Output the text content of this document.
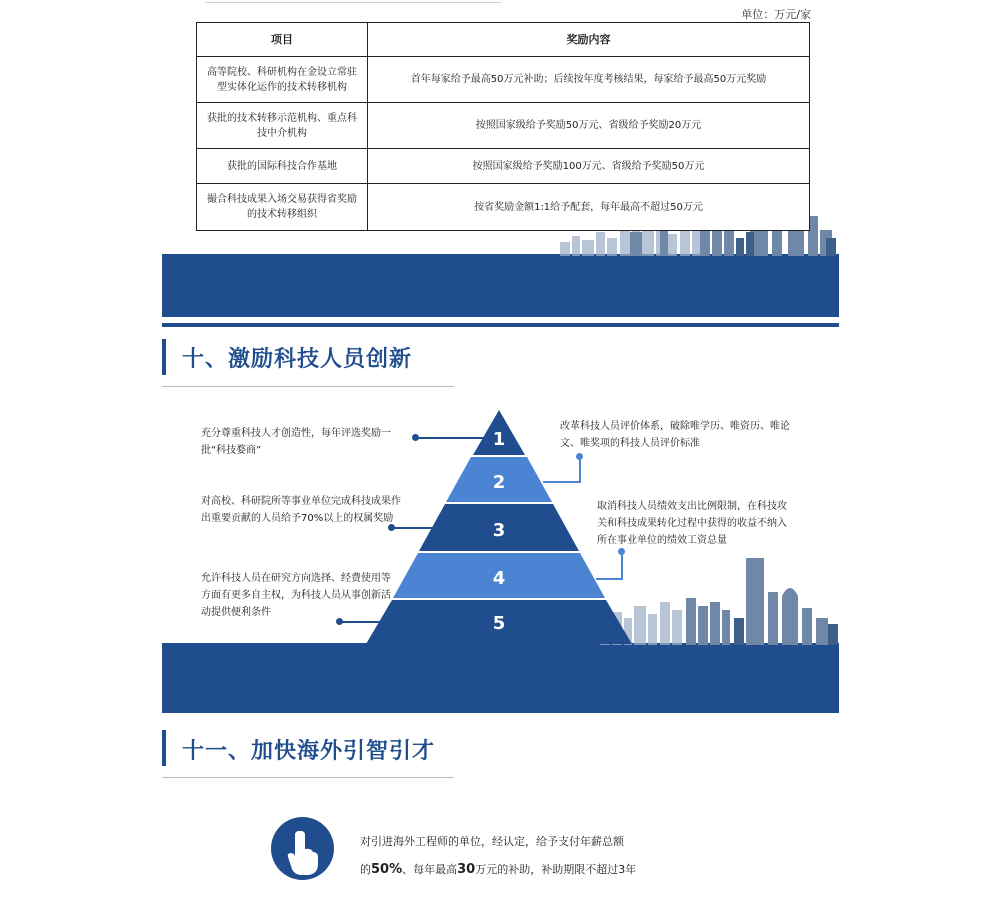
单位：万元/家
项目	奖励内容
高等院校、科研机构在金设立常驻型实体化运作的技术转移机构	首年每家给予最高50万元补助；后续按年度考核结果，每家给予最高50万元奖励
获批的技术转移示范机构、重点科技中介机构	按照国家级给予奖励50万元、省级给予奖励20万元
获批的国际科技合作基地	按照国家级给予奖励100万元、省级给予奖励50万元
撮合科技成果入场交易获得省奖励的技术转移组织	按省奖励金额1:1给予配套，每年最高不超过50万元
十、激励科技人员创新
1
2
3
4
5
充分尊重科技人才创造性，每年评选奖励一批“科技婺商”
对高校、科研院所等事业单位完成科技成果作出重要贡献的人员给予70%以上的权属奖励
允许科技人员在研究方向选择、经费使用等方面有更多自主权，为科技人员从事创新活动提供便利条件
改革科技人员评价体系，破除唯学历、唯资历、唯论文、唯奖项的科技人员评价标准
取消科技人员绩效支出比例限制，在科技攻关和科技成果转化过程中获得的收益不纳入所在事业单位的绩效工资总量
十一、加快海外引智引才
对引进海外工程师的单位，经认定，给予支付年薪总额
的50%、每年最高30万元的补助，补助期限不超过3年
